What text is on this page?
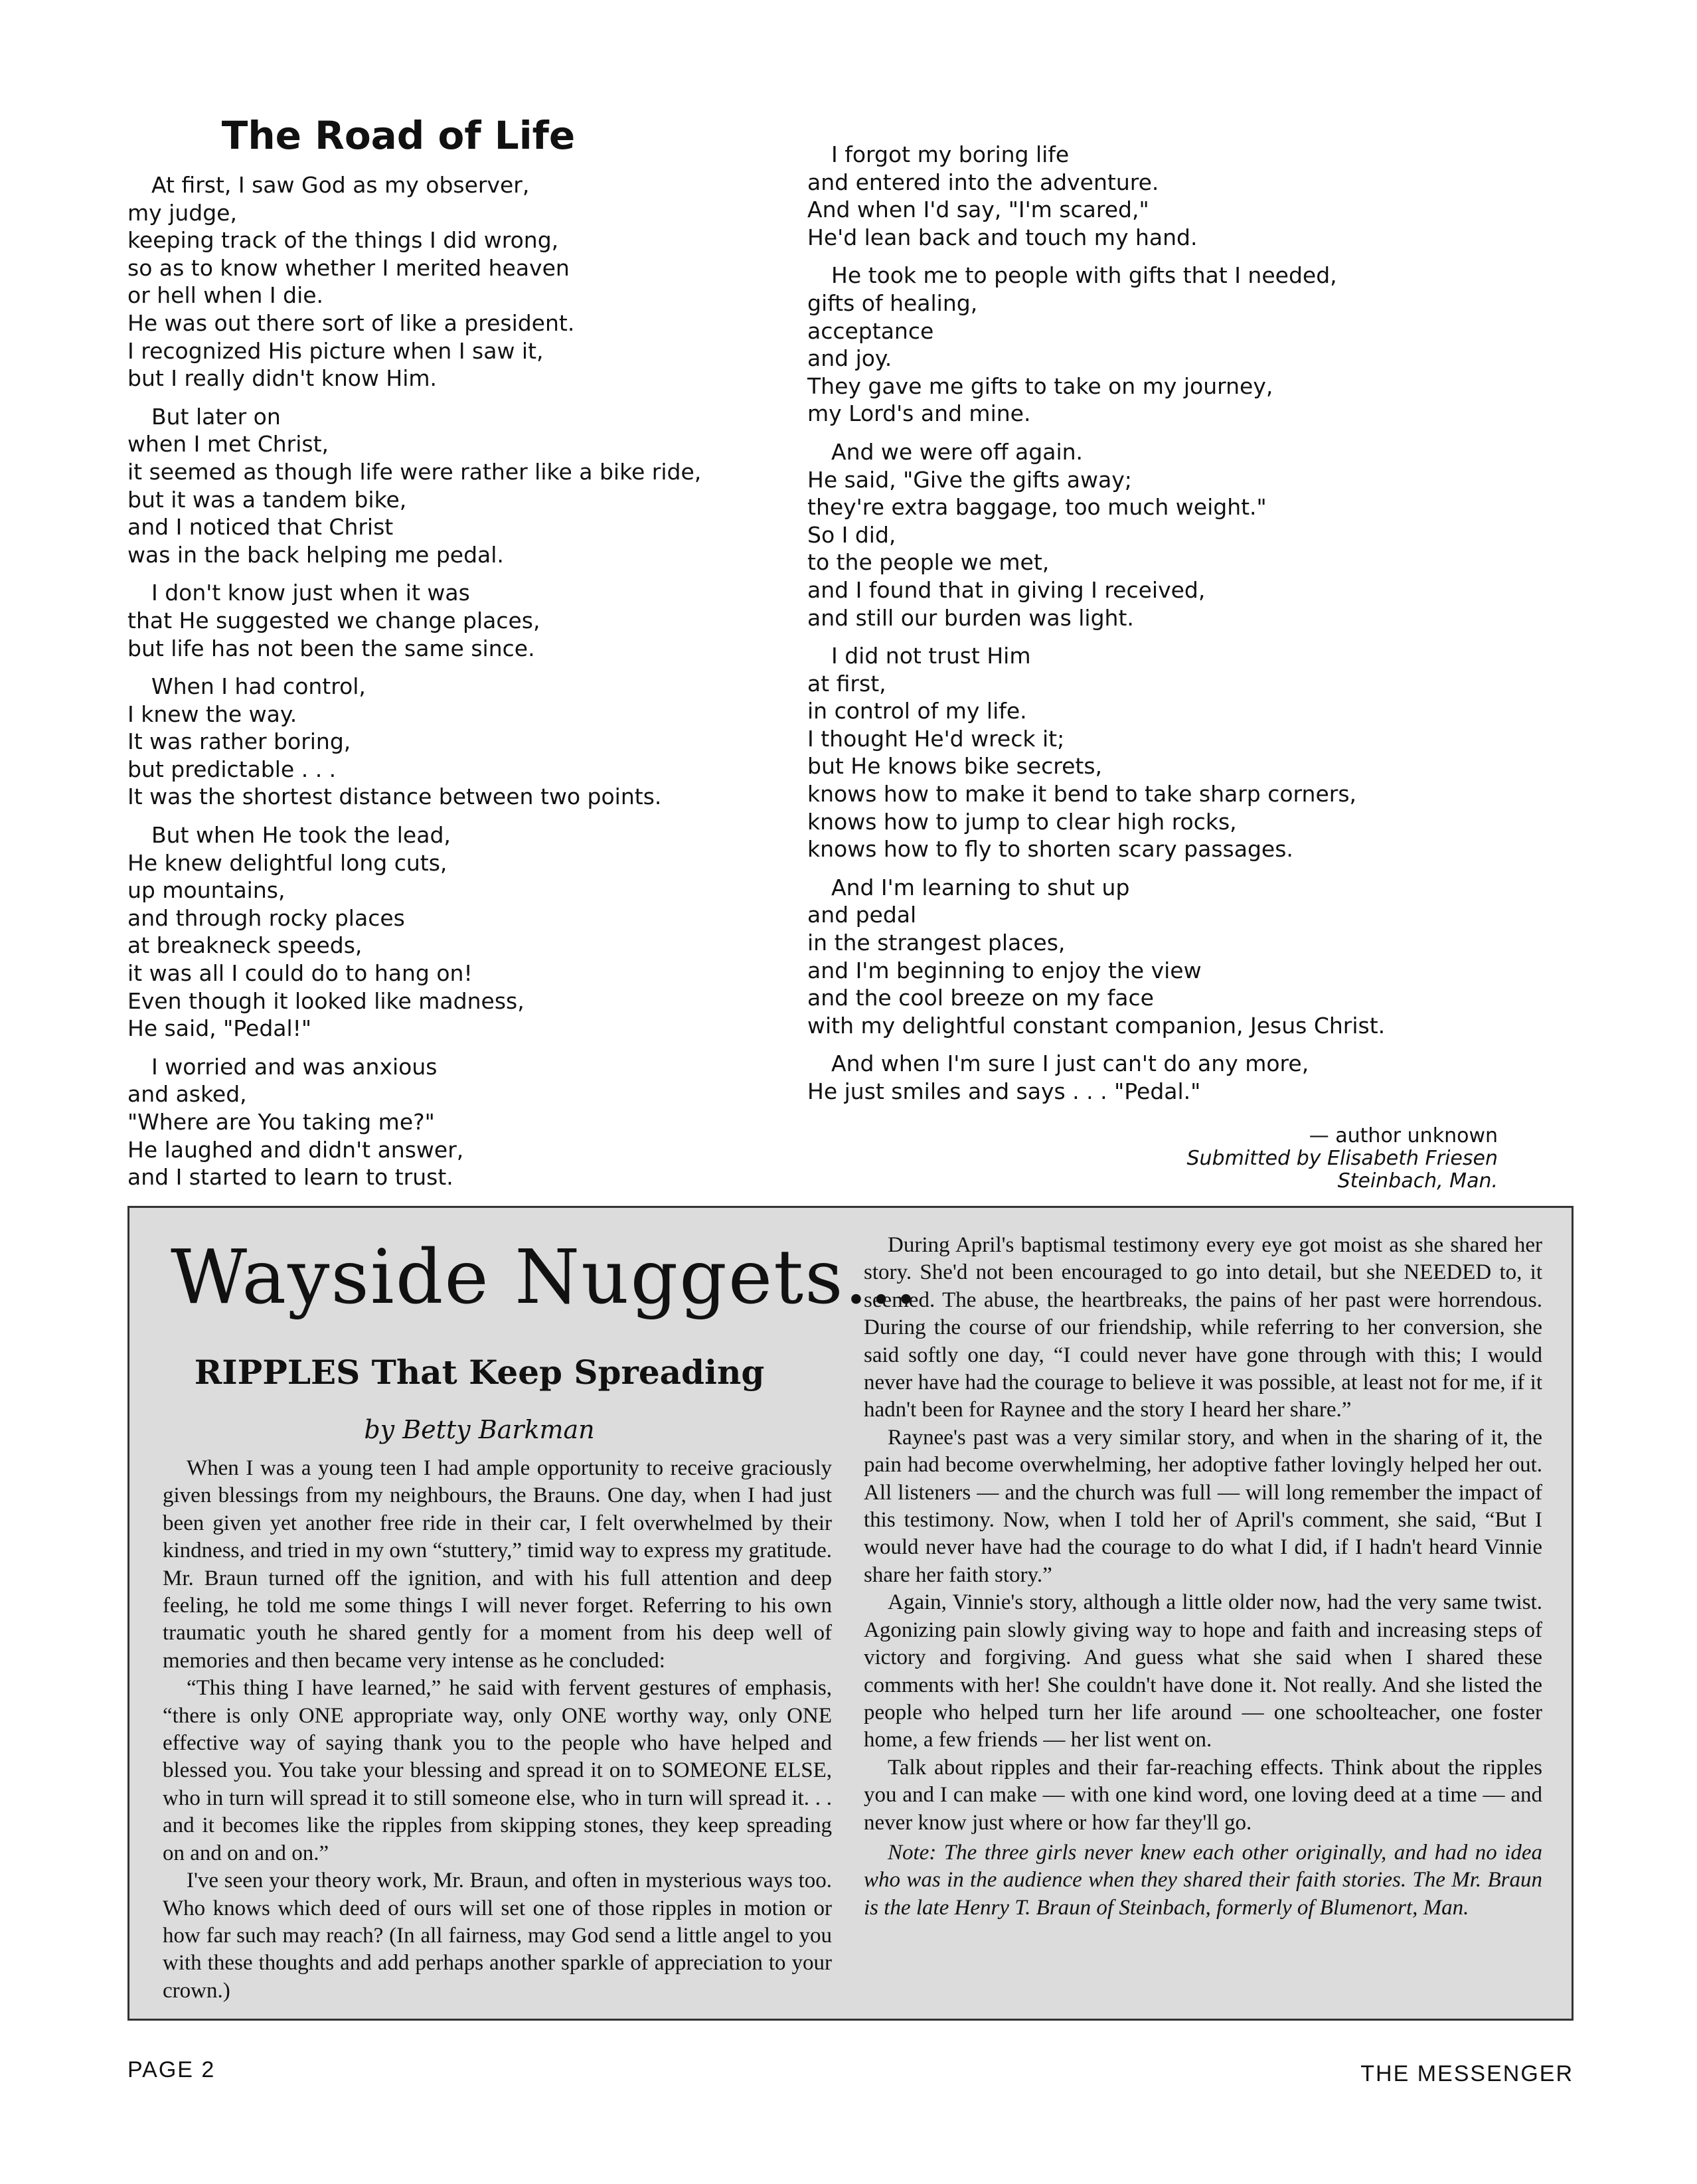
The Road of Life
At first, I saw God as my observer,
my judge,
keeping track of the things I did wrong,
so as to know whether I merited heaven
or hell when I die.
He was out there sort of like a president.
I recognized His picture when I saw it,
but I really didn't know Him.
But later on
when I met Christ,
it seemed as though life were rather like a bike ride,
but it was a tandem bike,
and I noticed that Christ
was in the back helping me pedal.
I don't know just when it was
that He suggested we change places,
but life has not been the same since.
When I had control,
I knew the way.
It was rather boring,
but predictable . . .
It was the shortest distance between two points.
But when He took the lead,
He knew delightful long cuts,
up mountains,
and through rocky places
at breakneck speeds,
it was all I could do to hang on!
Even though it looked like madness,
He said, "Pedal!"
I worried and was anxious
and asked,
"Where are You taking me?"
He laughed and didn't answer,
and I started to learn to trust.
I forgot my boring life
and entered into the adventure.
And when I'd say, "I'm scared,"
He'd lean back and touch my hand.
He took me to people with gifts that I needed,
gifts of healing,
acceptance
and joy.
They gave me gifts to take on my journey,
my Lord's and mine.
And we were off again.
He said, "Give the gifts away;
they're extra baggage, too much weight."
So I did,
to the people we met,
and I found that in giving I received,
and still our burden was light.
I did not trust Him
at first,
in control of my life.
I thought He'd wreck it;
but He knows bike secrets,
knows how to make it bend to take sharp corners,
knows how to jump to clear high rocks,
knows how to fly to shorten scary passages.
And I'm learning to shut up
and pedal
in the strangest places,
and I'm beginning to enjoy the view
and the cool breeze on my face
with my delightful constant companion, Jesus Christ.
And when I'm sure I just can't do any more,
He just smiles and says . . . "Pedal."
— author unknown
Submitted by Elisabeth Friesen
Steinbach, Man.
Wayside Nuggets...
RIPPLES That Keep Spreading
by Betty Barkman

When I was a young teen I had ample opportunity to receive graciously given blessings from my neighbours, the Brauns. One day, when I had just been given yet another free ride in their car, I felt overwhelmed by their kindness, and tried in my own “stuttery,” timid way to express my gratitude. Mr. Braun turned off the ignition, and with his full attention and deep feeling, he told me some things I will never forget. Referring to his own traumatic youth he shared gently for a moment from his deep well of memories and then became very intense as he concluded:

“This thing I have learned,” he said with fervent gestures of emphasis, “there is only ONE appropriate way, only ONE worthy way, only ONE effective way of saying thank you to the people who have helped and blessed you. You take your blessing and spread it on to SOMEONE ELSE, who in turn will spread it to still someone else, who in turn will spread it. . . and it becomes like the ripples from skipping stones, they keep spreading on and on and on.”

I've seen your theory work, Mr. Braun, and often in mysterious ways too. Who knows which deed of ours will set one of those ripples in motion or how far such may reach? (In all fairness, may God send a little angel to you with these thoughts and add perhaps another sparkle of appreciation to your crown.)

During April's baptismal testimony every eye got moist as she shared her story. She'd not been encouraged to go into detail, but she NEEDED to, it seemed. The abuse, the heartbreaks, the pains of her past were horrendous. During the course of our friendship, while referring to her conversion, she said softly one day, “I could never have gone through with this; I would never have had the courage to believe it was possible, at least not for me, if it hadn't been for Raynee and the story I heard her share.”

Raynee's past was a very similar story, and when in the sharing of it, the pain had become overwhelming, her adoptive father lovingly helped her out. All listeners — and the church was full — will long remember the impact of this testimony. Now, when I told her of April's comment, she said, “But I would never have had the courage to do what I did, if I hadn't heard Vinnie share her faith story.”

Again, Vinnie's story, although a little older now, had the very same twist. Agonizing pain slowly giving way to hope and faith and increasing steps of victory and forgiving. And guess what she said when I shared these comments with her! She couldn't have done it. Not really. And she listed the people who helped turn her life around — one schoolteacher, one foster home, a few friends — her list went on.

Talk about ripples and their far-reaching effects. Think about the ripples you and I can make — with one kind word, one loving deed at a time — and never know just where or how far they'll go.

Note: The three girls never knew each other originally, and had no idea who was in the audience when they shared their faith stories. The Mr. Braun is the late Henry T. Braun of Steinbach, formerly of Blumenort, Man.

PAGE 2	THE MESSENGER
